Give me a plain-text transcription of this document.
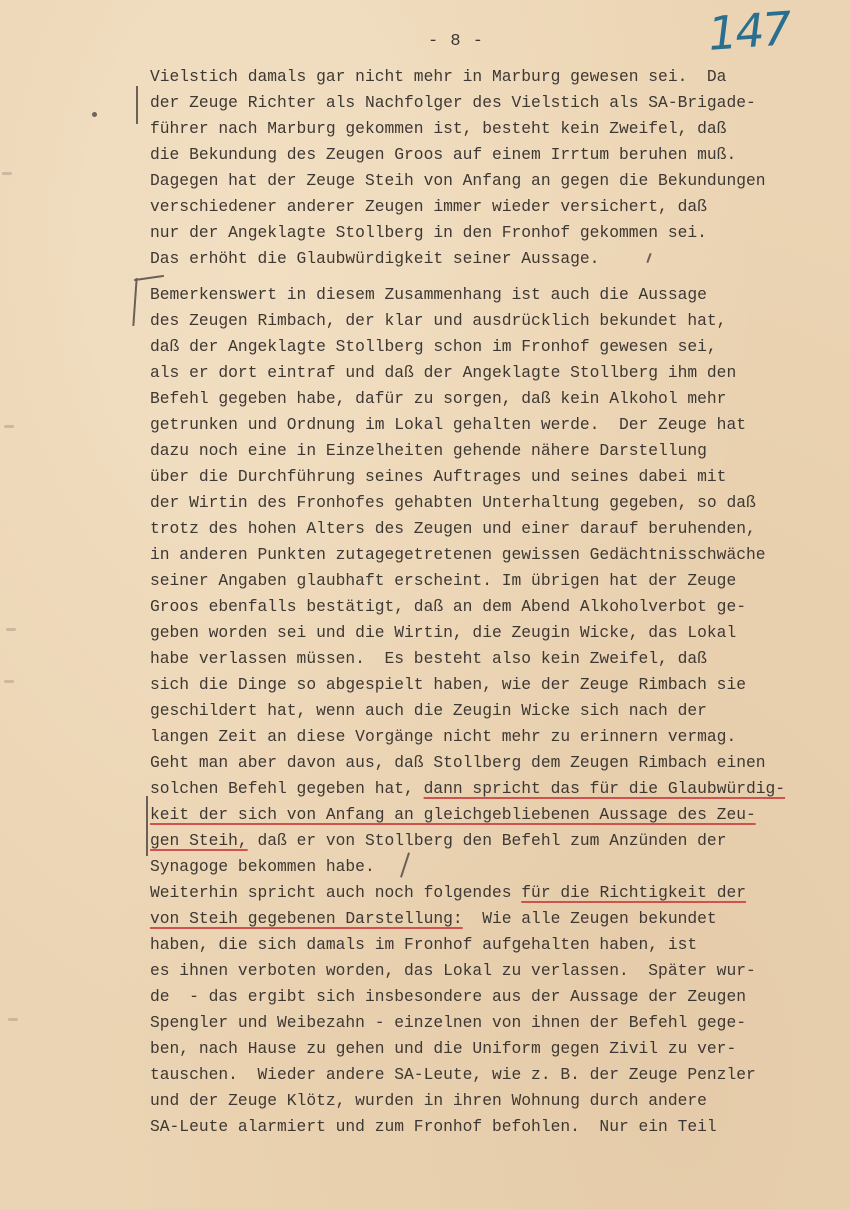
- 8 -	147
Vielstich damals gar nicht mehr in Marburg gewesen sei.  Da
der Zeuge Richter als Nachfolger des Vielstich als SA-Brigade-
führer nach Marburg gekommen ist, besteht kein Zweifel, daß
die Bekundung des Zeugen Groos auf einem Irrtum beruhen muß.
Dagegen hat der Zeuge Steih von Anfang an gegen die Bekundungen
verschiedener anderer Zeugen immer wieder versichert, daß
nur der Angeklagte Stollberg in den Fronhof gekommen sei.
Das erhöht die Glaubwürdigkeit seiner Aussage.
Bemerkenswert in diesem Zusammenhang ist auch die Aussage
des Zeugen Rimbach, der klar und ausdrücklich bekundet hat,
daß der Angeklagte Stollberg schon im Fronhof gewesen sei,
als er dort eintraf und daß der Angeklagte Stollberg ihm den
Befehl gegeben habe, dafür zu sorgen, daß kein Alkohol mehr
getrunken und Ordnung im Lokal gehalten werde.  Der Zeuge hat
dazu noch eine in Einzelheiten gehende nähere Darstellung
über die Durchführung seines Auftrages und seines dabei mit
der Wirtin des Fronhofes gehabten Unterhaltung gegeben, so daß
trotz des hohen Alters des Zeugen und einer darauf beruhenden,
in anderen Punkten zutagegetretenen gewissen Gedächtnisschwäche
seiner Angaben glaubhaft erscheint. Im übrigen hat der Zeuge
Groos ebenfalls bestätigt, daß an dem Abend Alkoholverbot ge-
geben worden sei und die Wirtin, die Zeugin Wicke, das Lokal
habe verlassen müssen.  Es besteht also kein Zweifel, daß
sich die Dinge so abgespielt haben, wie der Zeuge Rimbach sie
geschildert hat, wenn auch die Zeugin Wicke sich nach der
langen Zeit an diese Vorgänge nicht mehr zu erinnern vermag.
Geht man aber davon aus, daß Stollberg dem Zeugen Rimbach einen
solchen Befehl gegeben hat, dann spricht das für die Glaubwürdig-
keit der sich von Anfang an gleichgebliebenen Aussage des Zeu-
gen Steih, daß er von Stollberg den Befehl zum Anzünden der
Synagoge bekommen habe.
Weiterhin spricht auch noch folgendes für die Richtigkeit der
von Steih gegebenen Darstellung:  Wie alle Zeugen bekundet
haben, die sich damals im Fronhof aufgehalten haben, ist
es ihnen verboten worden, das Lokal zu verlassen.  Später wur-
de  - das ergibt sich insbesondere aus der Aussage der Zeugen
Spengler und Weibezahn - einzelnen von ihnen der Befehl gege-
ben, nach Hause zu gehen und die Uniform gegen Zivil zu ver-
tauschen.  Wieder andere SA-Leute, wie z. B. der Zeuge Penzler
und der Zeuge Klötz, wurden in ihren Wohnung durch andere
SA-Leute alarmiert und zum Fronhof befohlen.  Nur ein Teil
